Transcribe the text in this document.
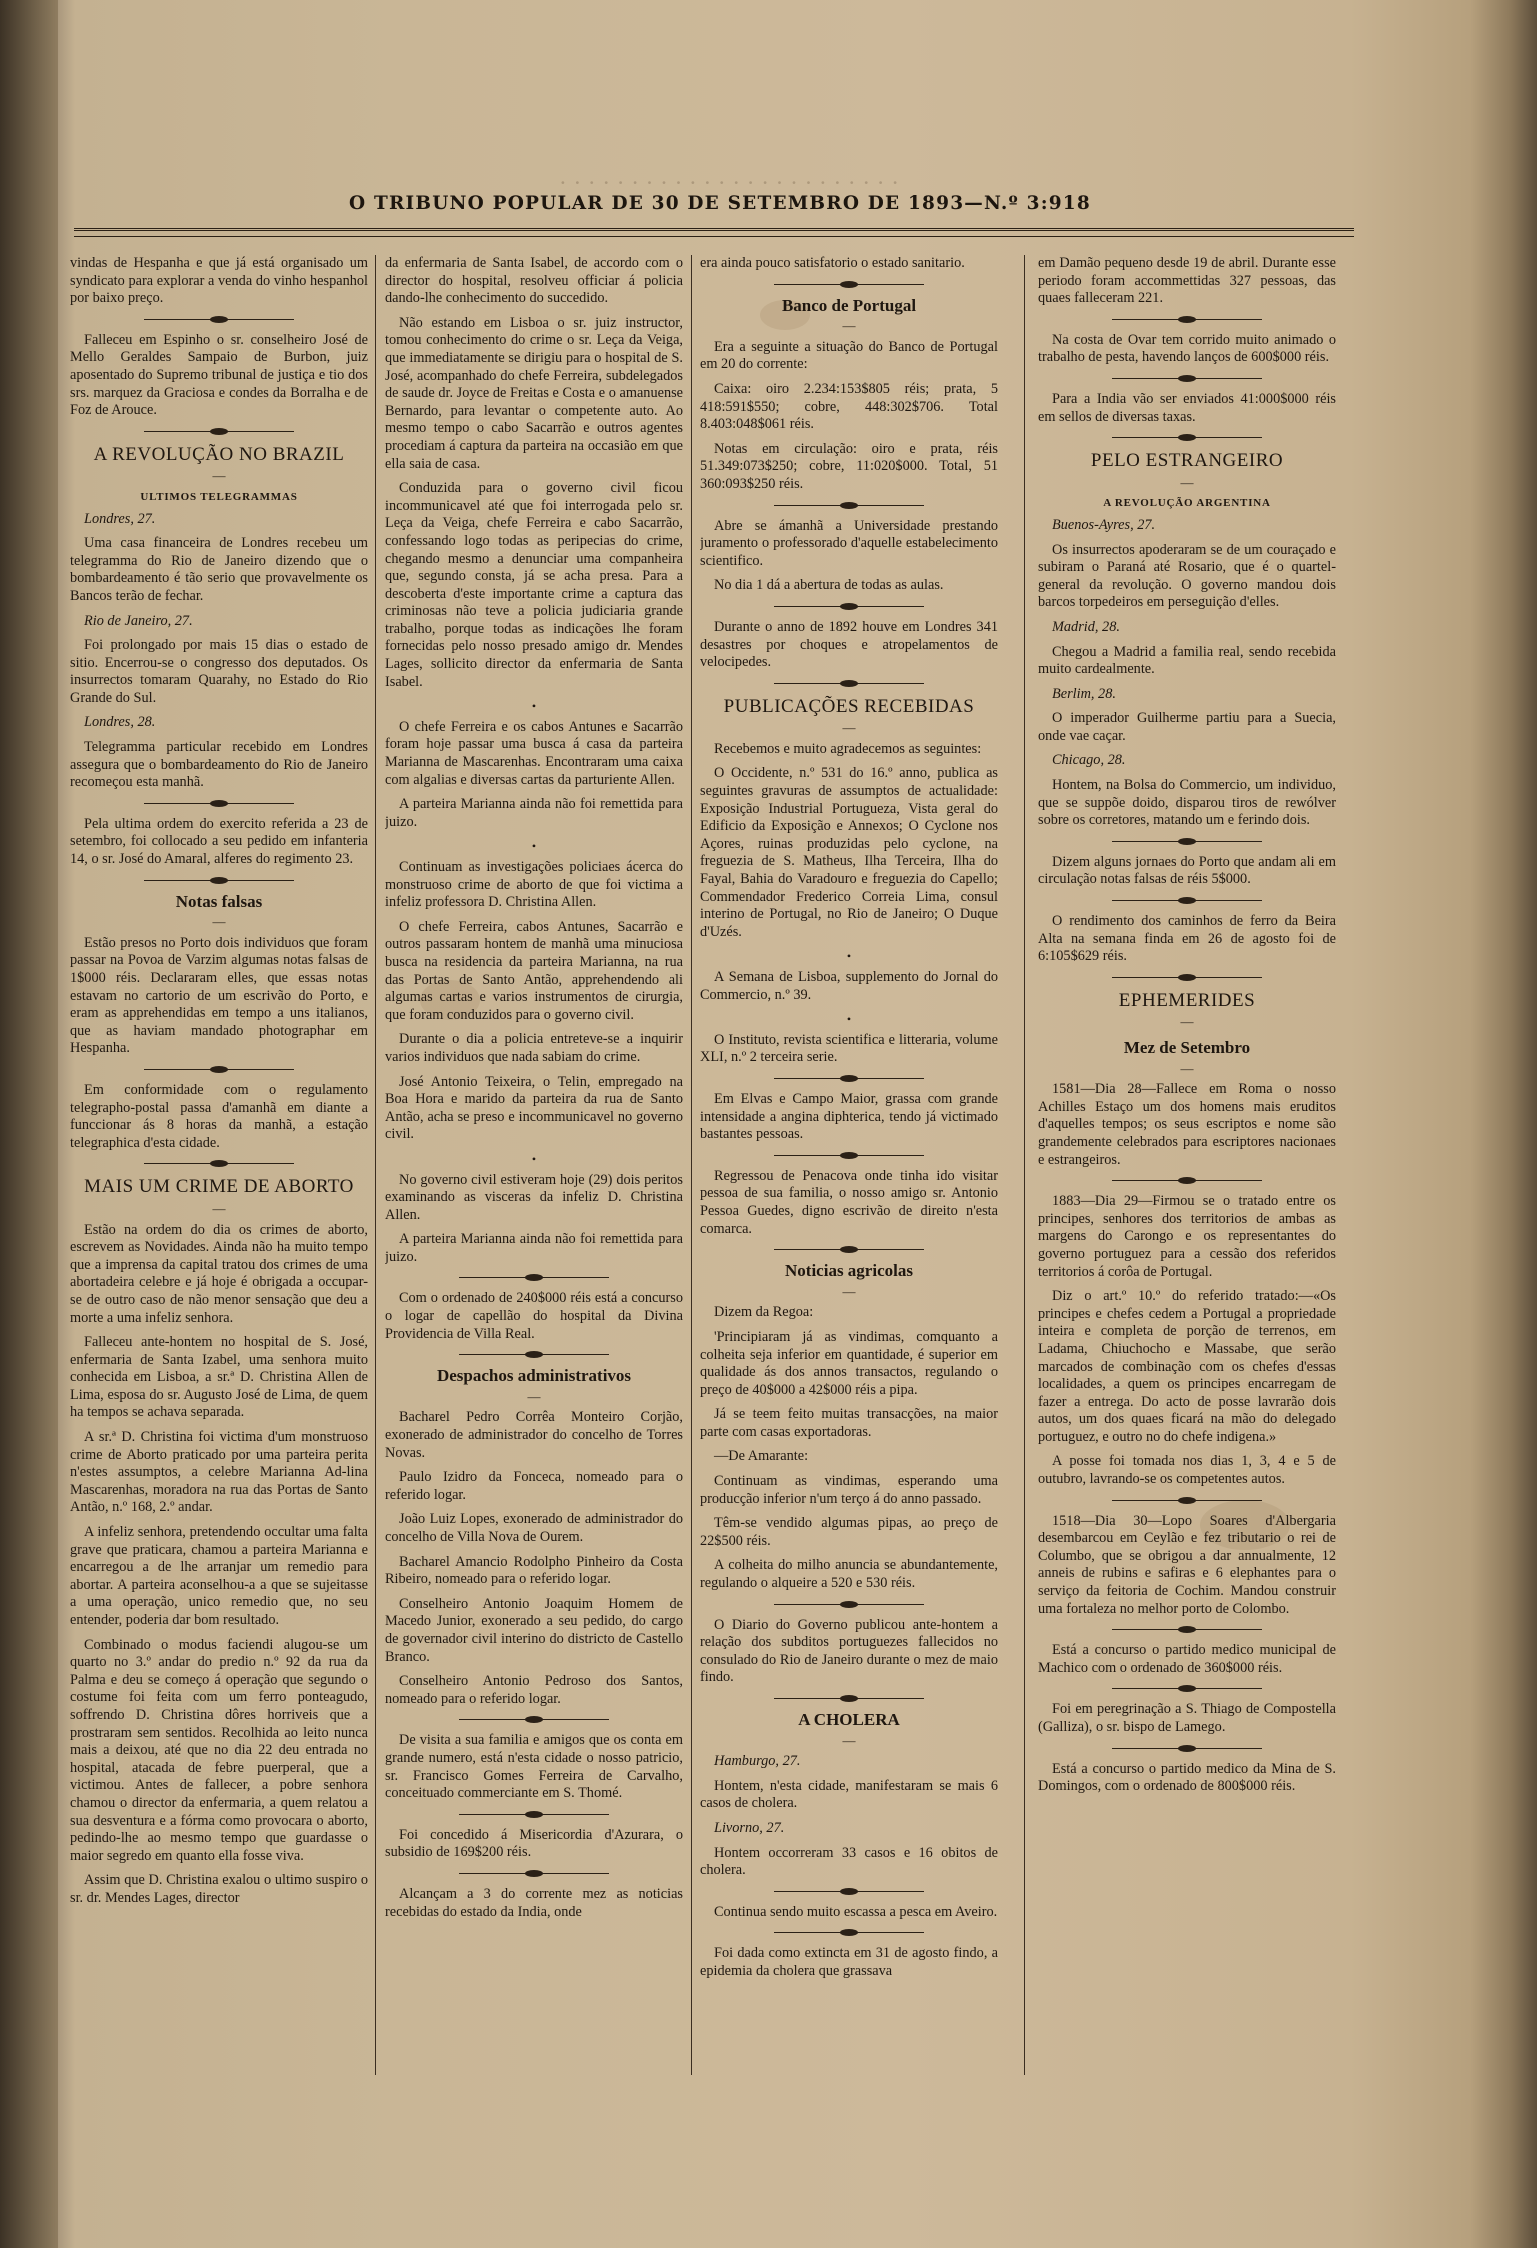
· · · · · · · · · · · · · · · · · · · · · · · ·
O TRIBUNO POPULAR DE 30 DE SETEMBRO DE 1893—N.º 3:918

vindas de Hespanha e que já está organisado um syndicato para explorar a venda do vinho hespanhol por baixo preço.

Falleceu em Espinho o sr. conselheiro José de Mello Geraldes Sampaio de Burbon, juiz aposentado do Supremo tribunal de justiça e tio dos srs. marquez da Graciosa e condes da Borralha e de Foz de Arouce.

A REVOLUÇÃO NO BRAZIL
—
ULTIMOS TELEGRAMMAS

Londres, 27.

Uma casa financeira de Londres recebeu um telegramma do Rio de Janeiro dizendo que o bombardeamento é tão serio que provavelmente os Bancos terão de fechar.

Rio de Janeiro, 27.

Foi prolongado por mais 15 dias o estado de sitio. Encerrou-se o congresso dos deputados. Os insurrectos tomaram Quarahy, no Estado do Rio Grande do Sul.

Londres, 28.

Telegramma particular recebido em Londres assegura que o bombardeamento do Rio de Janeiro recomeçou esta manhã.

Pela ultima ordem do exercito referida a 23 de setembro, foi collocado a seu pedido em infanteria 14, o sr. José do Amaral, alferes do regimento 23.

Notas falsas
—

Estão presos no Porto dois individuos que foram passar na Povoa de Varzim algumas notas falsas de 1$000 réis. Declararam elles, que essas notas estavam no cartorio de um escrivão do Porto, e eram as apprehendidas em tempo a uns italianos, que as haviam mandado photographar em Hespanha.

Em conformidade com o regulamento telegrapho-postal passa d'amanhã em diante a funccionar ás 8 horas da manhã, a estação telegraphica d'esta cidade.

MAIS UM CRIME DE ABORTO
—

Estão na ordem do dia os crimes de aborto, escrevem as Novidades. Ainda não ha muito tempo que a imprensa da capital tratou dos crimes de uma abortadeira celebre e já hoje é obrigada a occupar-se de outro caso de não menor sensação que deu a morte a uma infeliz senhora.

Falleceu ante-hontem no hospital de S. José, enfermaria de Santa Izabel, uma senhora muito conhecida em Lisboa, a sr.ª D. Christina Allen de Lima, esposa do sr. Augusto José de Lima, de quem ha tempos se achava separada.

A sr.ª D. Christina foi victima d'um monstruoso crime de Aborto praticado por uma parteira perita n'estes assumptos, a celebre Marianna Ad-lina Mascarenhas, moradora na rua das Portas de Santo Antão, n.º 168, 2.º andar.

A infeliz senhora, pretendendo occultar uma falta grave que praticara, chamou a parteira Marianna e encarregou a de lhe arranjar um remedio para abortar. A parteira aconselhou-a a que se sujeitasse a uma operação, unico remedio que, no seu entender, poderia dar bom resultado.

Combinado o modus faciendi alugou-se um quarto no 3.º andar do predio n.º 92 da rua da Palma e deu se começo á operação que segundo o costume foi feita com um ferro ponteagudo, soffrendo D. Christina dôres horriveis que a prostraram sem sentidos. Recolhida ao leito nunca mais a deixou, até que no dia 22 deu entrada no hospital, atacada de febre puerperal, que a victimou. Antes de fallecer, a pobre senhora chamou o director da enfermaria, a quem relatou a sua desventura e a fórma como provocara o aborto, pedindo-lhe ao mesmo tempo que guardasse o maior segredo em quanto ella fosse viva.

Assim que D. Christina exalou o ultimo suspiro o sr. dr. Mendes Lages, director

da enfermaria de Santa Isabel, de accordo com o director do hospital, resolveu officiar á policia dando-lhe conhecimento do succedido.

Não estando em Lisboa o sr. juiz instructor, tomou conhecimento do crime o sr. Leça da Veiga, que immediatamente se dirigiu para o hospital de S. José, acompanhado do chefe Ferreira, subdelegados de saude dr. Joyce de Freitas e Costa e o amanuense Bernardo, para levantar o competente auto. Ao mesmo tempo o cabo Sacarrão e outros agentes procediam á captura da parteira na occasião em que ella saia de casa.

Conduzida para o governo civil ficou incommunicavel até que foi interrogada pelo sr. Leça da Veiga, chefe Ferreira e cabo Sacarrão, confessando logo todas as peripecias do crime, chegando mesmo a denunciar uma companheira que, segundo consta, já se acha presa. Para a descoberta d'este importante crime a captura das criminosas não teve a policia judiciaria grande trabalho, porque todas as indicações lhe foram fornecidas pelo nosso presado amigo dr. Mendes Lages, sollicito director da enfermaria de Santa Isabel.

•

O chefe Ferreira e os cabos Antunes e Sacarrão foram hoje passar uma busca á casa da parteira Marianna de Mascarenhas. Encontraram uma caixa com algalias e diversas cartas da parturiente Allen.

A parteira Marianna ainda não foi remettida para juizo.

•

Continuam as investigações policiaes ácerca do monstruoso crime de aborto de que foi victima a infeliz professora D. Christina Allen.

O chefe Ferreira, cabos Antunes, Sacarrão e outros passaram hontem de manhã uma minuciosa busca na residencia da parteira Marianna, na rua das Portas de Santo Antão, apprehendendo ali algumas cartas e varios instrumentos de cirurgia, que foram conduzidos para o governo civil.

Durante o dia a policia entreteve-se a inquirir varios individuos que nada sabiam do crime.

José Antonio Teixeira, o Telin, empregado na Boa Hora e marido da parteira da rua de Santo Antão, acha se preso e incommunicavel no governo civil.

•

No governo civil estiveram hoje (29) dois peritos examinando as visceras da infeliz D. Christina Allen.

A parteira Marianna ainda não foi remettida para juizo.

Com o ordenado de 240$000 réis está a concurso o logar de capellão do hospital da Divina Providencia de Villa Real.

Despachos administrativos
—

Bacharel Pedro Corrêa Monteiro Corjão, exonerado de administrador do concelho de Torres Novas.

Paulo Izidro da Fonceca, nomeado para o referido logar.

João Luiz Lopes, exonerado de administrador do concelho de Villa Nova de Ourem.

Bacharel Amancio Rodolpho Pinheiro da Costa Ribeiro, nomeado para o referido logar.

Conselheiro Antonio Joaquim Homem de Macedo Junior, exonerado a seu pedido, do cargo de governador civil interino do districto de Castello Branco.

Conselheiro Antonio Pedroso dos Santos, nomeado para o referido logar.

De visita a sua familia e amigos que os conta em grande numero, está n'esta cidade o nosso patricio, sr. Francisco Gomes Ferreira de Carvalho, conceituado commerciante em S. Thomé.

Foi concedido á Misericordia d'Azurara, o subsidio de 169$200 réis.

Alcançam a 3 do corrente mez as noticias recebidas do estado da India, onde

era ainda pouco satisfatorio o estado sanitario.

Banco de Portugal
—

Era a seguinte a situação do Banco de Portugal em 20 do corrente:

Caixa: oiro 2.234:153$805 réis; prata, 5 418:591$550; cobre, 448:302$706. Total 8.403:048$061 réis.

Notas em circulação: oiro e prata, réis 51.349:073$250; cobre, 11:020$000. Total, 51 360:093$250 réis.

Abre se ámanhã a Universidade prestando juramento o professorado d'aquelle estabelecimento scientifico.

No dia 1 dá a abertura de todas as aulas.

Durante o anno de 1892 houve em Londres 341 desastres por choques e atropelamentos de velocipedes.

PUBLICAÇÕES RECEBIDAS
—

Recebemos e muito agradecemos as seguintes:

O Occidente, n.º 531 do 16.º anno, publica as seguintes gravuras de assumptos de actualidade: Exposição Industrial Portugueza, Vista geral do Edificio da Exposição e Annexos; O Cyclone nos Açores, ruinas produzidas pelo cyclone, na freguezia de S. Matheus, Ilha Terceira, Ilha do Fayal, Bahia do Varadouro e freguezia do Capello; Commendador Frederico Correia Lima, consul interino de Portugal, no Rio de Janeiro; O Duque d'Uzés.

•

A Semana de Lisboa, supplemento do Jornal do Commercio, n.º 39.

•

O Instituto, revista scientifica e litteraria, volume XLI, n.º 2 terceira serie.

Em Elvas e Campo Maior, grassa com grande intensidade a angina diphterica, tendo já victimado bastantes pessoas.

Regressou de Penacova onde tinha ido visitar pessoa de sua familia, o nosso amigo sr. Antonio Pessoa Guedes, digno escrivão de direito n'esta comarca.

Noticias agricolas
—

Dizem da Regoa:

'Principiaram já as vindimas, comquanto a colheita seja inferior em quantidade, é superior em qualidade ás dos annos transactos, regulando o preço de 40$000 a 42$000 réis a pipa.

Já se teem feito muitas transacções, na maior parte com casas exportadoras.

—De Amarante:

Continuam as vindimas, esperando uma producção inferior n'um terço á do anno passado.

Têm-se vendido algumas pipas, ao preço de 22$500 réis.

A colheita do milho anuncia se abundantemente, regulando o alqueire a 520 e 530 réis.

O Diario do Governo publicou ante-hontem a relação dos subditos portuguezes fallecidos no consulado do Rio de Janeiro durante o mez de maio findo.

A CHOLERA
—

Hamburgo, 27.

Hontem, n'esta cidade, manifestaram se mais 6 casos de cholera.

Livorno, 27.

Hontem occorreram 33 casos e 16 obitos de cholera.

Continua sendo muito escassa a pesca em Aveiro.

Foi dada como extincta em 31 de agosto findo, a epidemia da cholera que grassava

em Damão pequeno desde 19 de abril. Durante esse periodo foram accommettidas 327 pessoas, das quaes falleceram 221.

Na costa de Ovar tem corrido muito animado o trabalho de pesta, havendo lanços de 600$000 réis.

Para a India vão ser enviados 41:000$000 réis em sellos de diversas taxas.

PELO ESTRANGEIRO
—
A REVOLUÇÃO ARGENTINA

Buenos-Ayres, 27.

Os insurrectos apoderaram se de um couraçado e subiram o Paraná até Rosario, que é o quartel-general da revolução. O governo mandou dois barcos torpedeiros em perseguição d'elles.

Madrid, 28.

Chegou a Madrid a familia real, sendo recebida muito cardealmente.

Berlim, 28.

O imperador Guilherme partiu para a Suecia, onde vae caçar.

Chicago, 28.

Hontem, na Bolsa do Commercio, um individuo, que se suppõe doido, disparou tiros de rewólver sobre os corretores, matando um e ferindo dois.

Dizem alguns jornaes do Porto que andam ali em circulação notas falsas de réis 5$000.

O rendimento dos caminhos de ferro da Beira Alta na semana finda em 26 de agosto foi de 6:105$629 réis.

EPHEMERIDES
—
Mez de Setembro
—

1581—Dia 28—Fallece em Roma o nosso Achilles Estaço um dos homens mais eruditos d'aquelles tempos; os seus escriptos e nome são grandemente celebrados para escriptores nacionaes e estrangeiros.

1883—Dia 29—Firmou se o tratado entre os principes, senhores dos territorios de ambas as margens do Carongo e os representantes do governo portuguez para a cessão dos referidos territorios á corôa de Portugal.

Diz o art.º 10.º do referido tratado:—«Os principes e chefes cedem a Portugal a propriedade inteira e completa de porção de terrenos, em Ladama, Chiuchocho e Massabe, que serão marcados de combinação com os chefes d'essas localidades, a quem os principes encarregam de fazer a entrega. Do acto de posse lavrarão dois autos, um dos quaes ficará na mão do delegado portuguez, e outro no do chefe indigena.»

A posse foi tomada nos dias 1, 3, 4 e 5 de outubro, lavrando-se os competentes autos.

1518—Dia 30—Lopo Soares d'Albergaria desembarcou em Ceylão e fez tributario o rei de Columbo, que se obrigou a dar annualmente, 12 anneis de rubins e safiras e 6 elephantes para o serviço da feitoria de Cochim. Mandou construir uma fortaleza no melhor porto de Colombo.

Está a concurso o partido medico municipal de Machico com o ordenado de 360$000 réis.

Foi em peregrinação a S. Thiago de Compostella (Galliza), o sr. bispo de Lamego.

Está a concurso o partido medico da Mina de S. Domingos, com o ordenado de 800$000 réis.
